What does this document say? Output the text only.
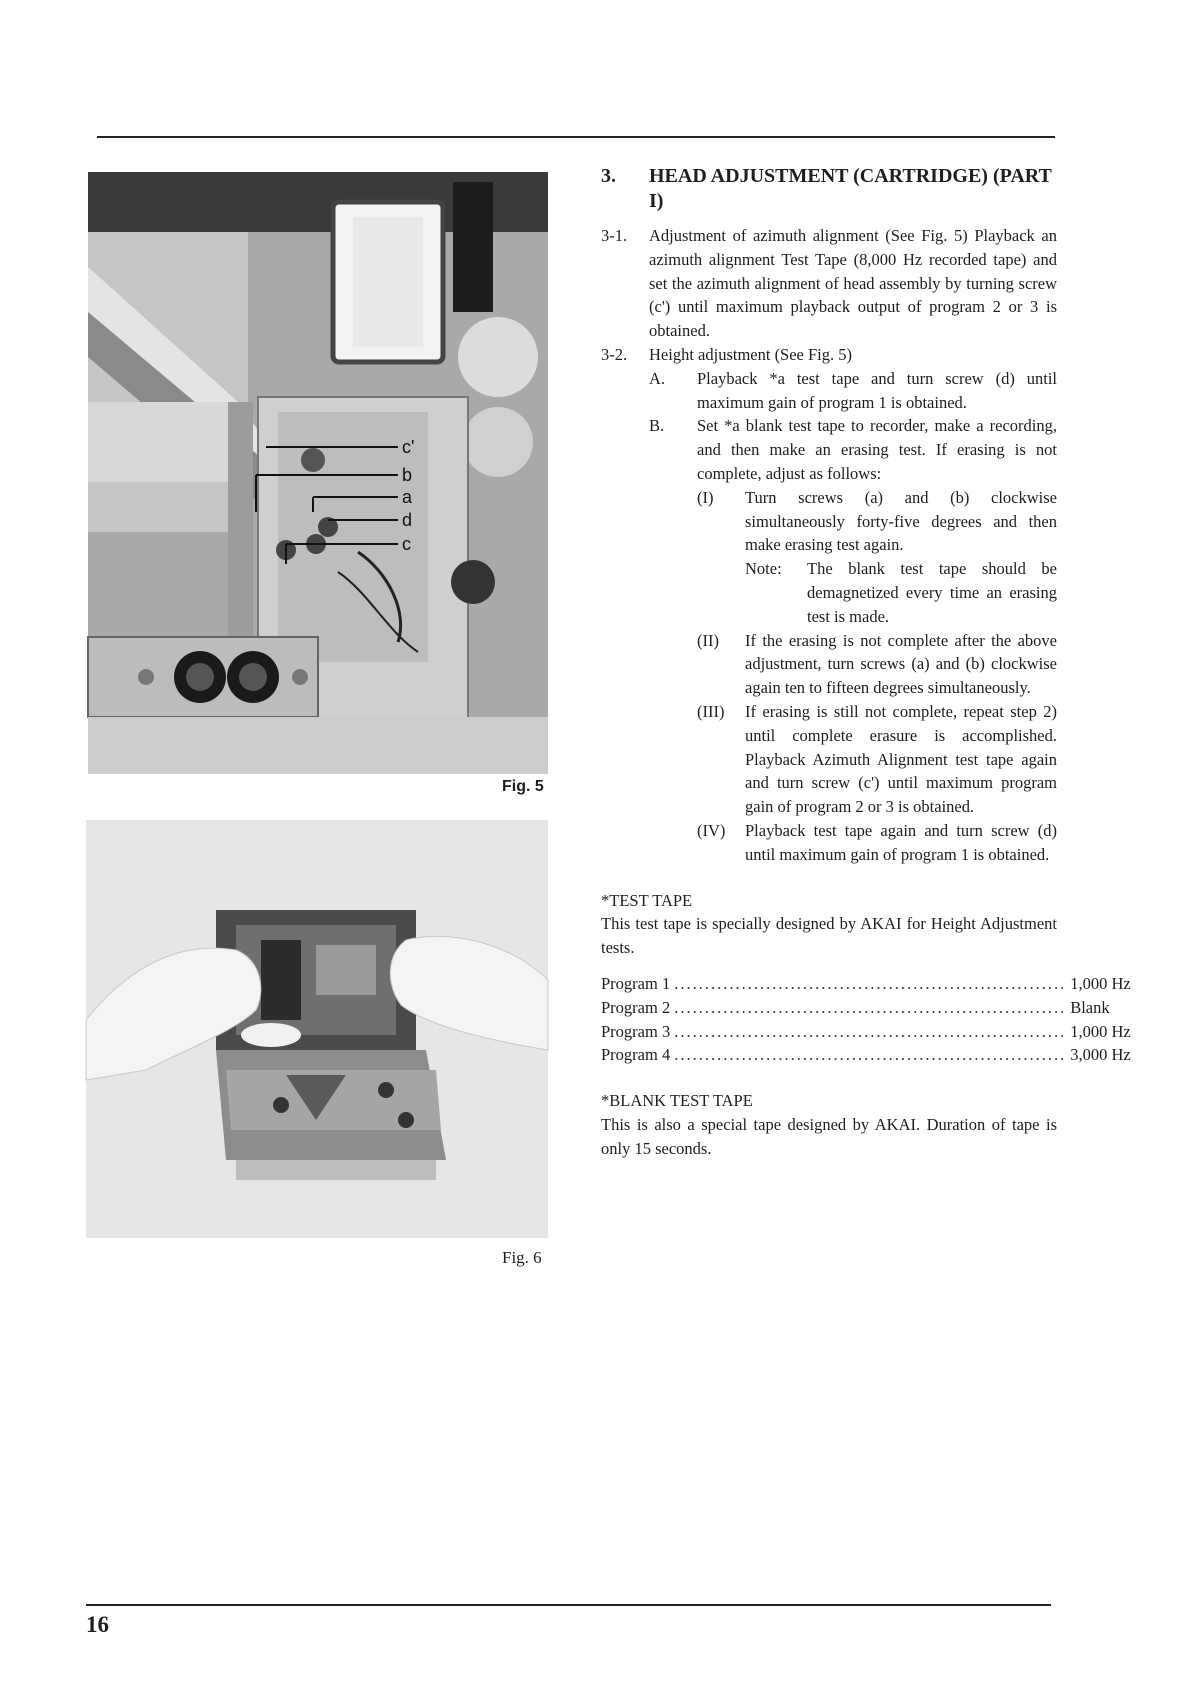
c'
b
a
d
c
Fig. 5
Fig. 6
3.	HEAD ADJUSTMENT (CARTRIDGE) (PART I)
3-1.	Adjustment of azimuth alignment (See Fig. 5) Playback an azimuth alignment Test Tape (8,000 Hz recorded tape) and set the azimuth alignment of head assembly by turning screw (c') until maximum playback output of program 2 or 3 is obtained.
3-2.	Height adjustment (See Fig. 5)
A.	Playback *a test tape and turn screw (d) until maximum gain of program 1 is obtained.
B.	Set *a blank test tape to recorder, make a recording, and then make an erasing test. If erasing is not complete, adjust as follows:
(I)	Turn screws (a) and (b) clockwise simultaneously forty-five degrees and then make erasing test again.
Note:	The blank test tape should be demagnetized every time an erasing test is made.
(II)	If the erasing is not complete after the above adjustment, turn screws (a) and (b) clockwise again ten to fifteen degrees simultaneously.
(III)	If erasing is still not complete, repeat step 2) until complete erasure is accomplished. Playback Azimuth Alignment test tape again and turn screw (c') until maximum program gain of program 2 or 3 is obtained.
(IV)	Playback test tape again and turn screw (d) until maximum gain of program 1 is obtained.
*TEST TAPE
This test tape is specially designed by AKAI for Height Adjustment tests.
Program 1 ................................................................ 1,000 Hz
Program 2 ................................................................ Blank
Program 3 ................................................................ 1,000 Hz
Program 4 ................................................................ 3,000 Hz
*BLANK TEST TAPE
This is also a special tape designed by AKAI. Duration of tape is only 15 seconds.
16
